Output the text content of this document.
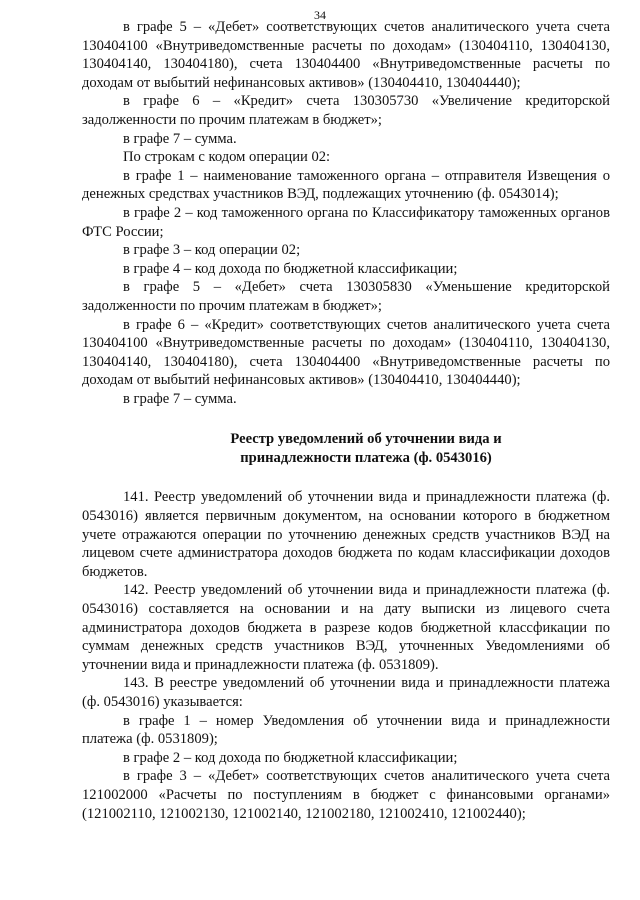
34

в графе 5 – «Дебет» соответствующих счетов аналитического учета счета 130404100 «Внутриведомственные расчеты по доходам» (130404110, 130404130, 130404140, 130404180), счета 130404400 «Внутриведомственные расчеты по доходам от выбытий нефинансовых активов» (130404410, 130404440);

в графе 6 – «Кредит» счета 130305730 «Увеличение кредиторской задолженности по прочим платежам в бюджет»;

в графе 7 – сумма.

По строкам с кодом операции 02:

в графе 1 – наименование таможенного органа – отправителя Извещения о денежных средствах участников ВЭД, подлежащих уточнению (ф. 0543014);

в графе 2 – код таможенного органа по Классификатору таможенных органов ФТС России;

в графе 3 – код операции 02;

в графе 4 – код дохода по бюджетной классификации;

в графе 5 – «Дебет» счета 130305830 «Уменьшение кредиторской задолженности по прочим платежам в бюджет»;

в графе 6 – «Кредит» соответствующих счетов аналитического учета счета 130404100 «Внутриведомственные расчеты по доходам» (130404110, 130404130, 130404140, 130404180), счета 130404400 «Внутриведомственные расчеты по доходам от выбытий нефинансовых активов» (130404410, 130404440);

в графе 7 – сумма.

Реестр уведомлений об уточнении вида и
принадлежности платежа (ф. 0543016)

141. Реестр уведомлений об уточнении вида и принадлежности платежа (ф. 0543016) является первичным документом, на основании которого в бюджетном учете отражаются операции по уточнению денежных средств участников ВЭД на лицевом счете администратора доходов бюджета по кодам классификации доходов бюджетов.

142. Реестр уведомлений об уточнении вида и принадлежности платежа (ф. 0543016) составляется на основании и на дату выписки из лицевого счета администратора доходов бюджета в разрезе кодов бюджетной классфикации по суммам денежных средств участников ВЭД, уточненных Уведомлениями об уточнении вида и принадлежности платежа (ф. 0531809).

143. В реестре уведомлений об уточнении вида и принадлежности платежа (ф. 0543016) указывается:

в графе 1 – номер Уведомления об уточнении вида и принадлежности платежа (ф. 0531809);

в графе 2 – код дохода по бюджетной классификации;

в графе 3 – «Дебет» соответствующих счетов аналитического учета счета 121002000 «Расчеты по поступлениям в бюджет с финансовыми органами» (121002110, 121002130, 121002140, 121002180, 121002410, 121002440);
